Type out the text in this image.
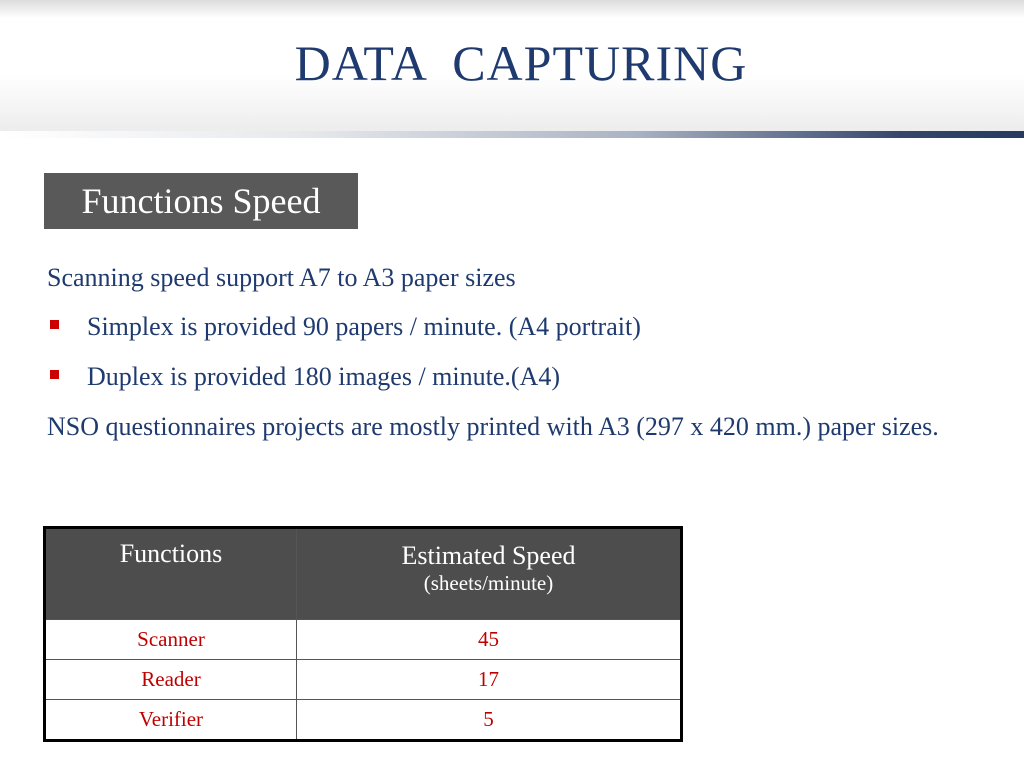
DATA  CAPTURING
Functions Speed
Scanning speed support A7 to A3 paper sizes
Simplex is provided 90 papers / minute. (A4 portrait)
Duplex is provided 180 images / minute.(A4)
NSO questionnaires projects are mostly printed with A3 (297 x 420 mm.) paper sizes.
Functions	Estimated Speed
(sheets/minute)

Scanner	45
Reader	17
Verifier	5
